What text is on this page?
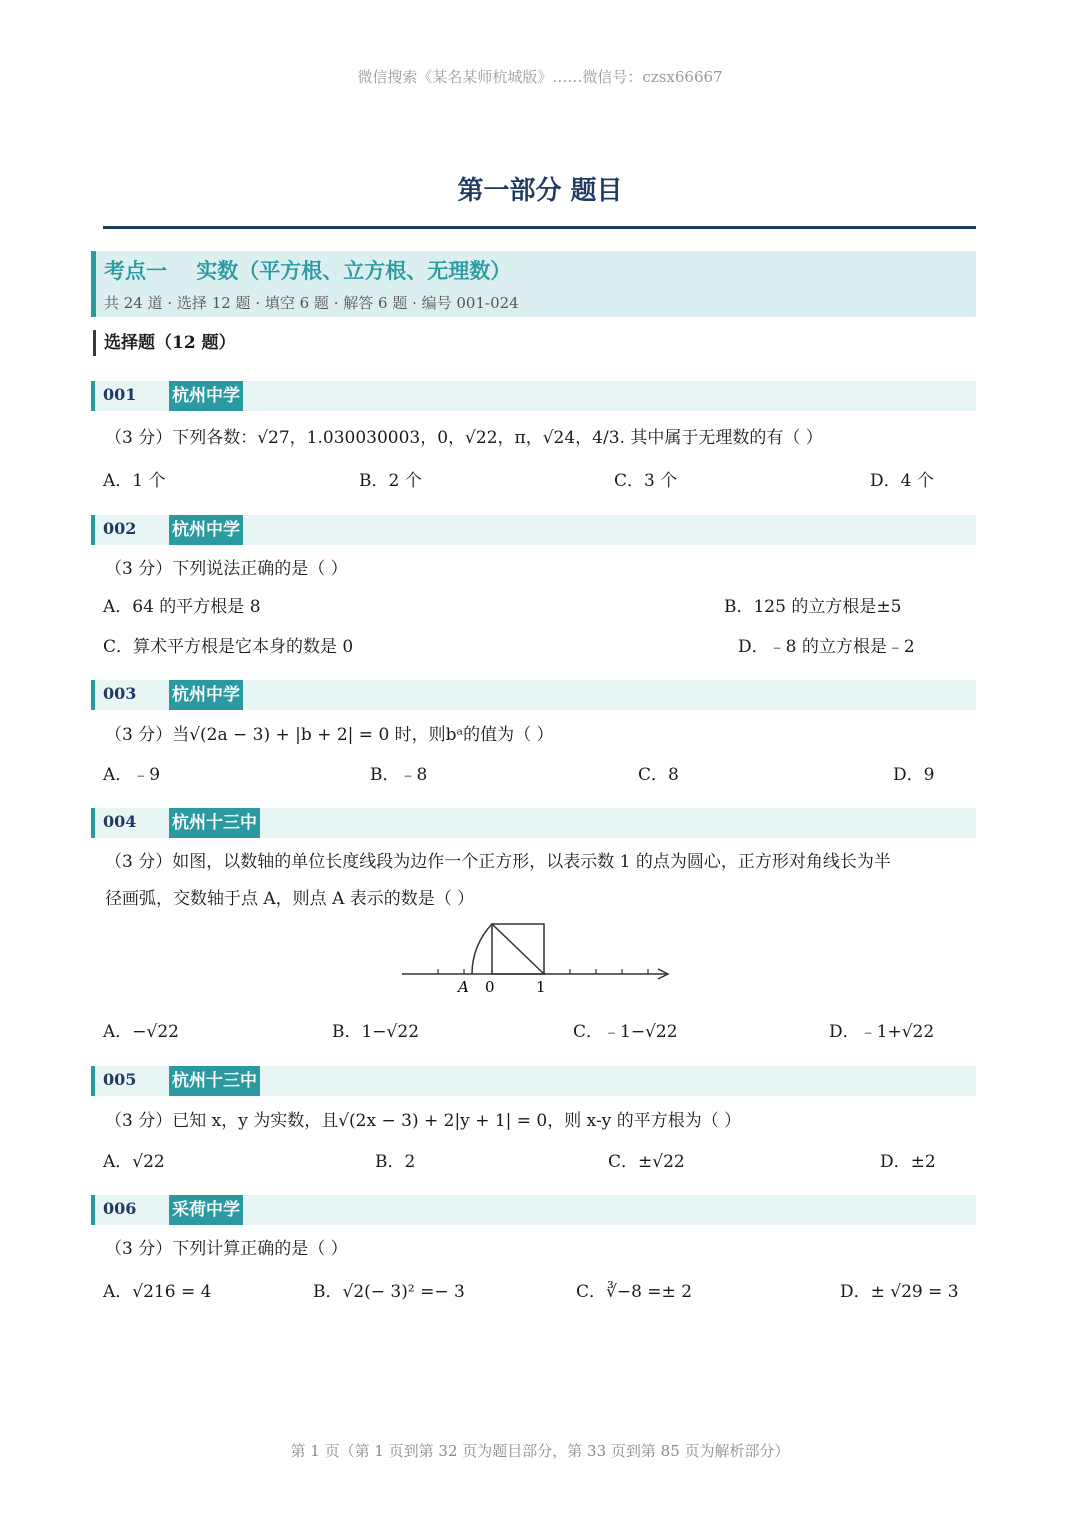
微信搜索《某名某师杭城版》……微信号：czsx66667
第一部分 题目
考点一    实数（平方根、立方根、无理数）
共 24 道 · 选择 12 题 · 填空 6 题 · 解答 6 题 · 编号 001-024
选择题（12 题）
001 杭州中学
（3 分）下列各数：√27，1.030030003，0，√22，π，√24，4/3. 其中属于无理数的有（ ）
A．1 个	B．2 个	C．3 个	D．4 个
002 杭州中学
（3 分）下列说法正确的是（ ）
A．64 的平方根是 8	B．125 的立方根是±5
C．算术平方根是它本身的数是 0	D．﹣8 的立方根是﹣2
003 杭州中学
（3 分）当√(2a − 3) + |b + 2| = 0 时，则bᵃ的值为（ ）
A．﹣9	B．﹣8	C．8	D．9
004 杭州十三中
（3 分）如图，以数轴的单位长度线段为边作一个正方形，以表示数 1 的点为圆心，正方形对角线长为半
径画弧，交数轴于点 A，则点 A 表示的数是（ ）
A 0	1
A．−√22	B．1−√22	C．﹣1−√22	D．﹣1+√22
005 杭州十三中
（3 分）已知 x，y 为实数，且√(2x − 3) + 2|y + 1| = 0，则 x-y 的平方根为（ ）
A．√22	B．2	C．±√22	D．±2
006 采荷中学
（3 分）下列计算正确的是（ ）
A．√216 = 4	B．√2(− 3)² =− 3	C．∛−8 =± 2	D．± √29 = 3
第 1 页（第 1 页到第 32 页为题目部分，第 33 页到第 85 页为解析部分）
